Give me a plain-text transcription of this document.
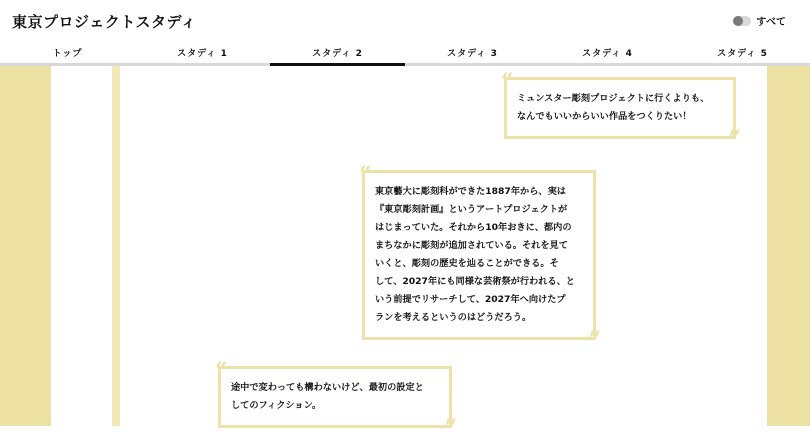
東京プロジェクトスタディ	すべて
トップ	スタディ 1	スタディ 2	スタディ 3	スタディ 4	スタディ 5
“
ミュンスター彫刻プロジェクトに行くよりも、
なんでもいいからいい作品をつくりたい！
”
“
東京藝大に彫刻科ができた1887年から、実は
『東京彫刻計画』というアートプロジェクトが
はじまっていた。それから10年おきに、都内の
まちなかに彫刻が追加されている。それを見て
いくと、彫刻の歴史を辿ることができる。そ
して、2027年にも同様な芸術祭が行われる、と
いう前提でリサーチして、2027年へ向けたプ
ランを考えるというのはどうだろう。
”
“
途中で変わっても構わないけど、最初の設定と
してのフィクション。
”
